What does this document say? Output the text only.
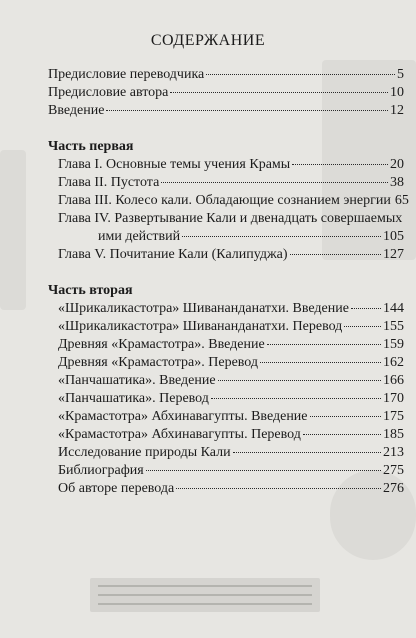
СОДЕРЖАНИЕ
Предисловие переводчика	5
Предисловие автора	10
Введение	12
Часть первая
Глава I. Основные темы учения Крамы	20
Глава II. Пустота	38
Глава III. Колесо кали. Обладающие сознанием энергии 65
Глава IV. Развертывание Кали и двенадцать совершаемых
ими действий	105
Глава V. Почитание Кали (Калипуджа)	127
Часть вторая
«Шрикаликастотра» Шивананданатхи. Введение 144
«Шрикаликастотра» Шивананданатхи. Перевод	155
Древняя «Крамастотра». Введение	159
Древняя «Крамастотра». Перевод	162
«Панчашатика». Введение	166
«Панчашатика». Перевод	170
«Крамастотра» Абхинавагупты. Введение	175
«Крамастотра» Абхинавагупты. Перевод	185
Исследование природы Кали	213
Библиография	275
Об авторе перевода	276
